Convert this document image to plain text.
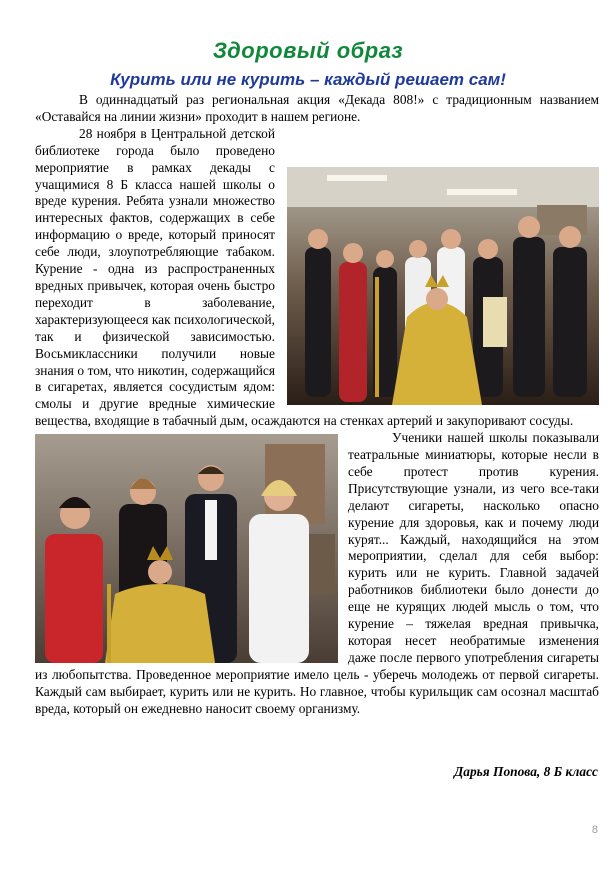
Здоровый образ
Курить или не курить – каждый решает сам!

В одиннадцатый раз региональная акция «Декада 808!» с традиционным названием «Оставайся на линии жизни» проходит в нашем регионе.

28 ноября в Центральной детской библиотеке города было проведено мероприятие в рамках декады с учащимися 8 Б класса нашей школы о вреде курения. Ребята узнали множество интересных фактов, содержащих в себе информацию о вреде, который приносят себе люди, злоупотребляющие табаком. Курение - одна из распространенных вредных привычек, которая очень быстро переходит в заболевание, характеризующееся как психологической, так и физической зависимостью. Восьмиклассники получили новые знания о том, что никотин, содержащийся в сигаретах, является сосудистым ядом: смолы и другие вредные химические вещества, входящие в табачный дым, осаждаются на стенках артерий и закупоривают сосуды.

Ученики нашей школы показывали театральные миниатюры, которые несли в себе протест против курения. Присутствующие узнали, из чего все-таки делают сигареты, насколько опасно курение для здоровья, как и почему люди курят... Каждый, находящийся на этом мероприятии, сделал для себя выбор: курить или не курить. Главной задачей работников библиотеки было донести до еще не курящих людей мысль о том, что курение – тяжелая вредная привычка, которая несет необратимые изменения даже после первого употребления сигареты из любопытства. Проведенное мероприятие имело цель - уберечь молодежь от первой сигареты. Каждый сам выбирает, курить или не курить. Но главное, чтобы курильщик сам осознал масштаб вреда, который он ежедневно наносит своему организму.

Дарья Попова, 8 Б класс

8
